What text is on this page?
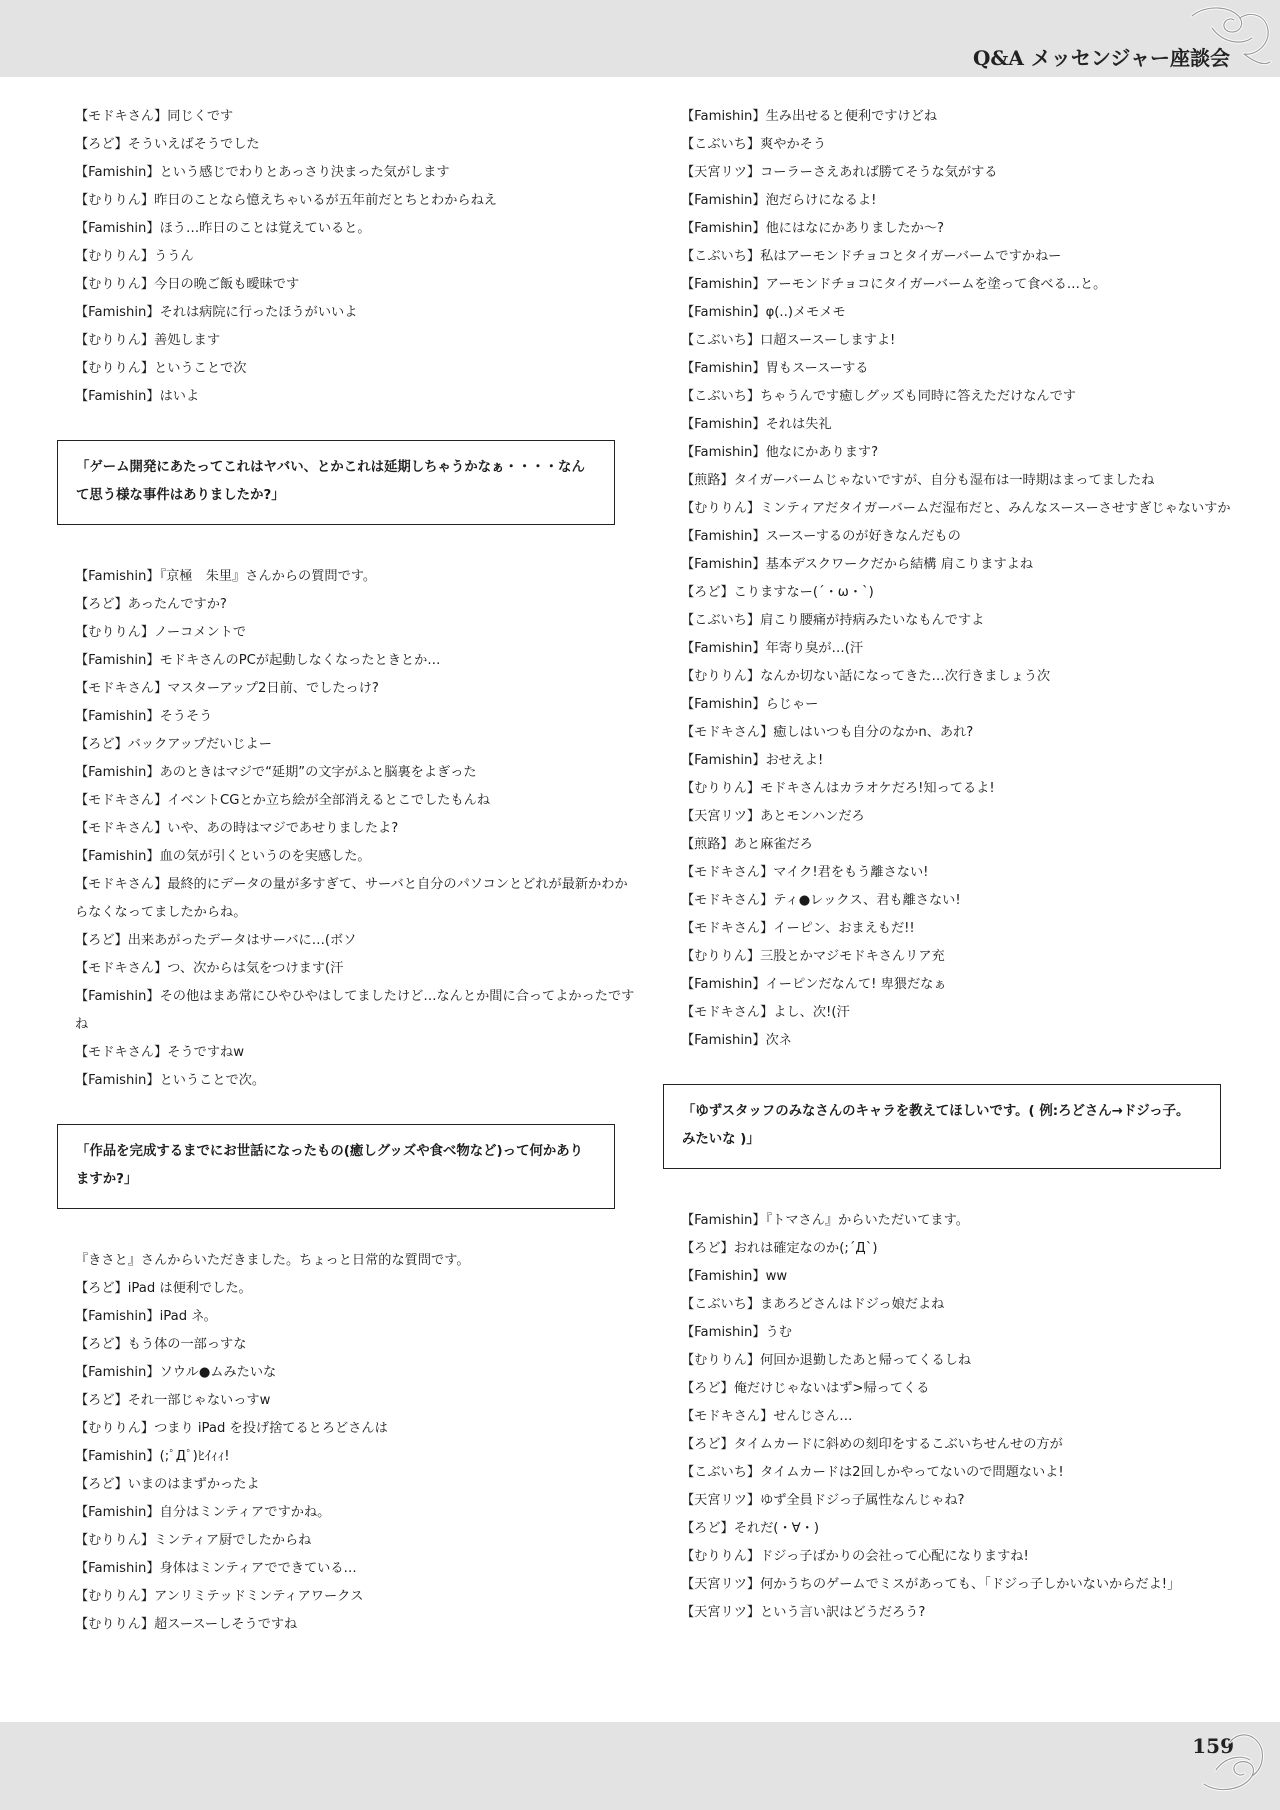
Q&A メッセンジャー座談会
【モドキさん】同じくです
【ろど】そういえばそうでした
【Famishin】という感じでわりとあっさり決まった気がします
【むりりん】昨日のことなら憶えちゃいるが五年前だとちとわからねえ
【Famishin】ほう…昨日のことは覚えていると。
【むりりん】ううん
【むりりん】今日の晩ご飯も曖昧です
【Famishin】それは病院に行ったほうがいいよ
【むりりん】善処します
【むりりん】ということで次
【Famishin】はいよ
「ゲーム開発にあたってこれはヤバい、とかこれは延期しちゃうかなぁ・・・・なんて思う様な事件はありましたか?」
【Famishin】『京極　朱里』さんからの質問です。
【ろど】あったんですか?
【むりりん】ノーコメントで
【Famishin】モドキさんのPCが起動しなくなったときとか…
【モドキさん】マスターアップ2日前、でしたっけ?
【Famishin】そうそう
【ろど】バックアップだいじよー
【Famishin】あのときはマジで“延期”の文字がふと脳裏をよぎった
【モドキさん】イベントCGとか立ち絵が全部消えるとこでしたもんね
【モドキさん】いや、あの時はマジであせりましたよ?
【Famishin】血の気が引くというのを実感した。
【モドキさん】最終的にデータの量が多すぎて、サーバと自分のパソコンとどれが最新かわからなくなってましたからね。
【ろど】出来あがったデータはサーバに…(ボソ
【モドキさん】つ、次からは気をつけます(汗
【Famishin】その他はまあ常にひやひやはしてましたけど…なんとか間に合ってよかったですね
【モドキさん】そうですねw
【Famishin】ということで次。
「作品を完成するまでにお世話になったもの(癒しグッズや食べ物など)って何かありますか?」
『きさと』さんからいただきました。ちょっと日常的な質問です。
【ろど】iPad は便利でした。
【Famishin】iPad ネ。
【ろど】もう体の一部っすな
【Famishin】ソウル●ムみたいな
【ろど】それ一部じゃないっすw
【むりりん】つまり iPad を投げ捨てるとろどさんは
【Famishin】(;ﾟДﾟ)ﾋｲｨｨ!
【ろど】いまのはまずかったよ
【Famishin】自分はミンティアですかね。
【むりりん】ミンティア厨でしたからね
【Famishin】身体はミンティアでできている…
【むりりん】アンリミテッドミンティアワークス
【むりりん】超スースーしそうですね
【Famishin】生み出せると便利ですけどね
【こぶいち】爽やかそう
【天宮リツ】コーラーさえあれば勝てそうな気がする
【Famishin】泡だらけになるよ!
【Famishin】他にはなにかありましたか〜?
【こぶいち】私はアーモンドチョコとタイガーバームですかねー
【Famishin】アーモンドチョコにタイガーバームを塗って食べる…と。
【Famishin】φ(..)メモメモ
【こぶいち】口超スースーしますよ!
【Famishin】胃もスースーする
【こぶいち】ちゃうんです癒しグッズも同時に答えただけなんです
【Famishin】それは失礼
【Famishin】他なにかあります?
【煎路】タイガーバームじゃないですが、自分も湿布は一時期はまってましたね
【むりりん】ミンティアだタイガーバームだ湿布だと、みんなスースーさせすぎじゃないすか
【Famishin】スースーするのが好きなんだもの
【Famishin】基本デスクワークだから結構 肩こりますよね
【ろど】こりますなー(´・ω・`)
【こぶいち】肩こり腰痛が持病みたいなもんですよ
【Famishin】年寄り臭が…(汗
【むりりん】なんか切ない話になってきた…次行きましょう次
【Famishin】らじゃー
【モドキさん】癒しはいつも自分のなかn、あれ?
【Famishin】おせえよ!
【むりりん】モドキさんはカラオケだろ!知ってるよ!
【天宮リツ】あとモンハンだろ
【煎路】あと麻雀だろ
【モドキさん】マイク!君をもう離さない!
【モドキさん】ティ●レックス、君も離さない!
【モドキさん】イーピン、おまえもだ!!
【むりりん】三股とかマジモドキさんリア充
【Famishin】イーピンだなんて! 卑猥だなぁ
【モドキさん】よし、次!(汗
【Famishin】次ネ
「ゆずスタッフのみなさんのキャラを教えてほしいです。( 例:ろどさん→ドジっ子。みたいな )」
【Famishin】『トマさん』からいただいてます。
【ろど】おれは確定なのか(;´Д`)
【Famishin】ww
【こぶいち】まあろどさんはドジっ娘だよね
【Famishin】うむ
【むりりん】何回か退勤したあと帰ってくるしね
【ろど】俺だけじゃないはず>帰ってくる
【モドキさん】せんじさん…
【ろど】タイムカードに斜めの刻印をするこぶいちせんせの方が
【こぶいち】タイムカードは2回しかやってないので問題ないよ!
【天宮リツ】ゆず全員ドジっ子属性なんじゃね?
【ろど】それだ(・∀・)
【むりりん】ドジっ子ばかりの会社って心配になりますね!
【天宮リツ】何かうちのゲームでミスがあっても、「ドジっ子しかいないからだよ!」
【天宮リツ】という言い訳はどうだろう?
159
